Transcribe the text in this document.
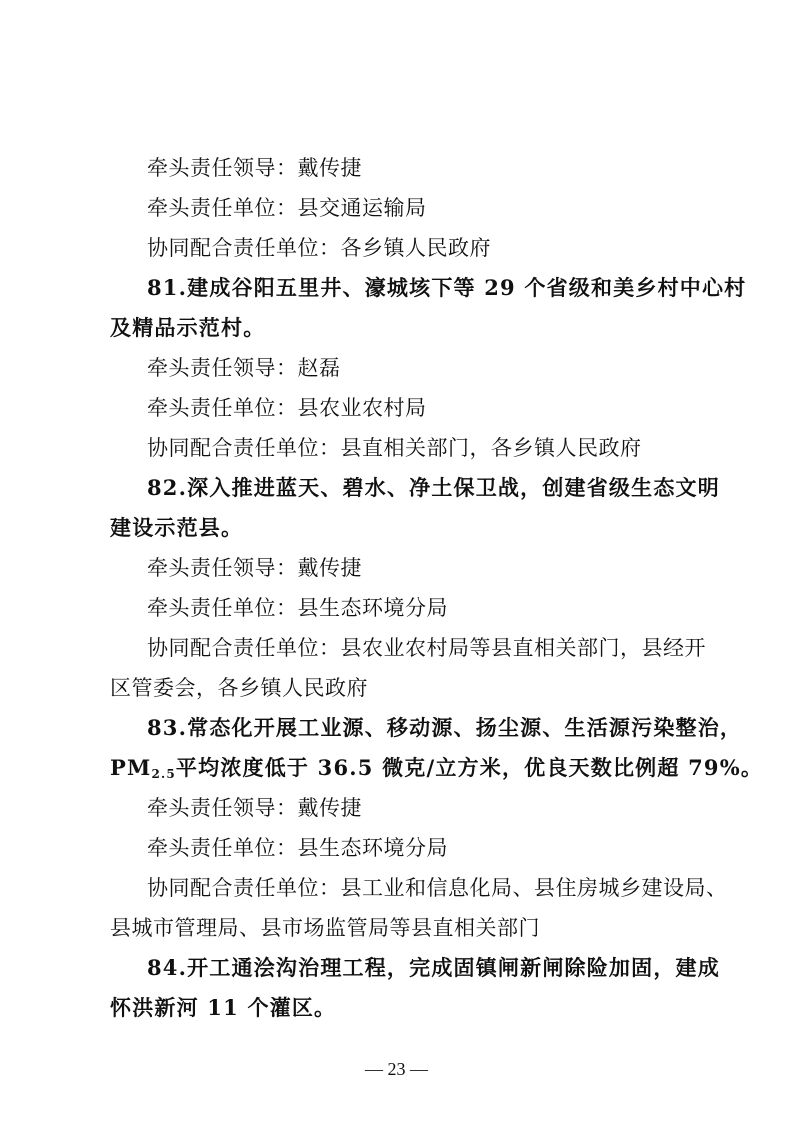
牵头责任领导：戴传捷
牵头责任单位：县交通运输局
协同配合责任单位：各乡镇人民政府
81.建成谷阳五里井、濠城垓下等 29 个省级和美乡村中心村
及精品示范村。
牵头责任领导：赵磊
牵头责任单位：县农业农村局
协同配合责任单位：县直相关部门，各乡镇人民政府
82.深入推进蓝天、碧水、净土保卫战，创建省级生态文明
建设示范县。
牵头责任领导：戴传捷
牵头责任单位：县生态环境分局
协同配合责任单位：县农业农村局等县直相关部门，县经开
区管委会，各乡镇人民政府
83.常态化开展工业源、移动源、扬尘源、生活源污染整治，
$PM_{2.5}$平均浓度低于 36.5 微克/立方米，优良天数比例超 79%。
牵头责任领导：戴传捷
牵头责任单位：县生态环境分局
协同配合责任单位：县工业和信息化局、县住房城乡建设局、
县城市管理局、县市场监管局等县直相关部门
84.开工通浍沟治理工程，完成固镇闸新闸除险加固，建成
怀洪新河 11 个灌区。
— 23 —
